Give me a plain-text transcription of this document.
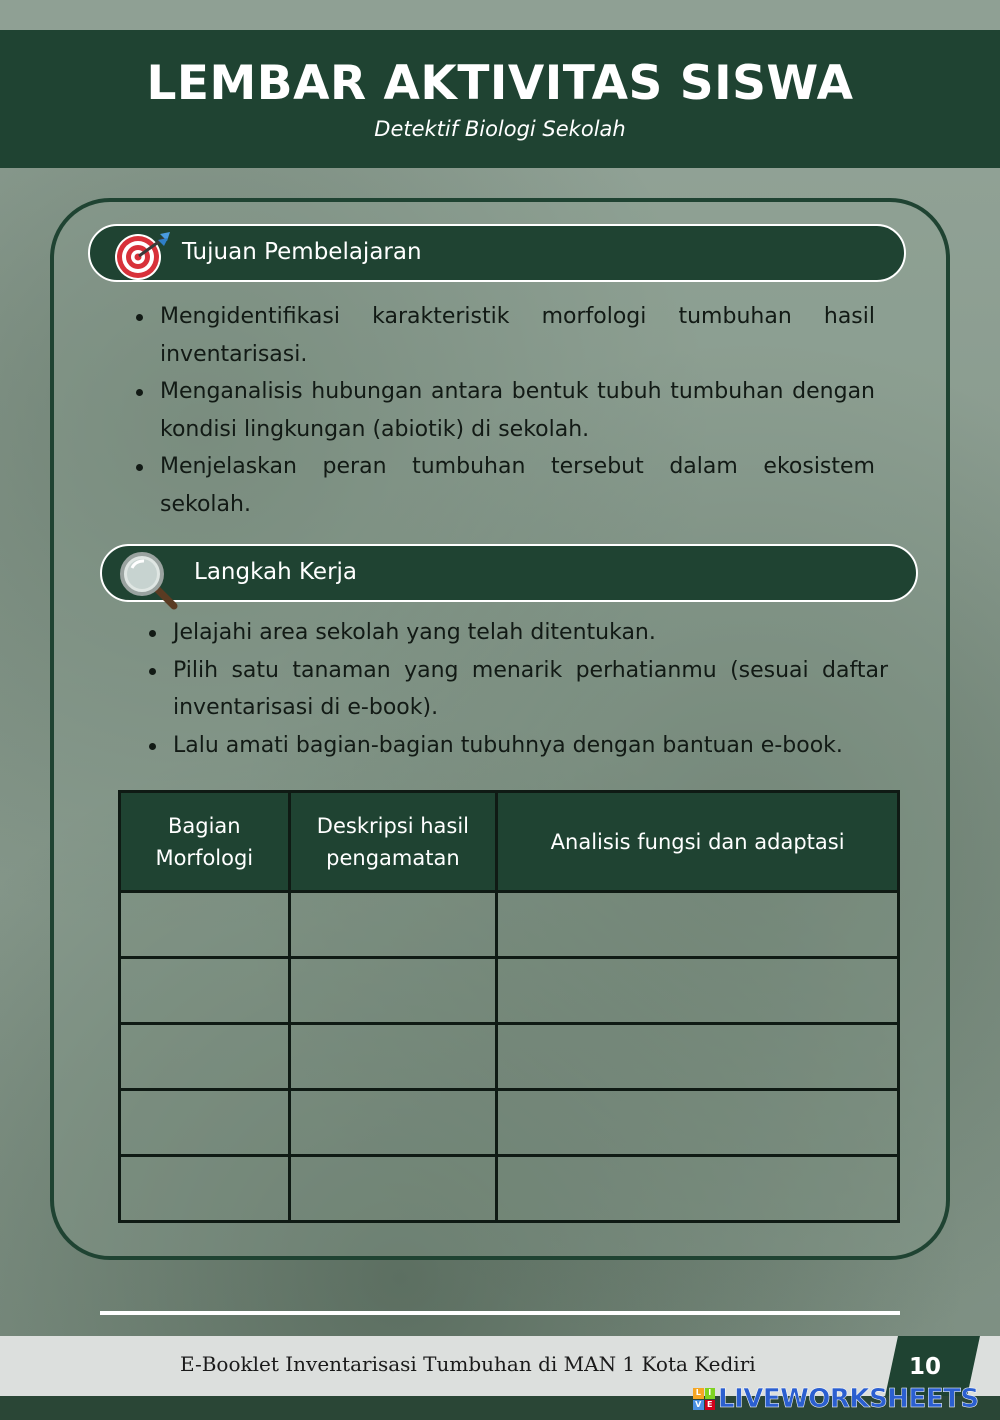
LEMBAR AKTIVITAS SISWA
Detektif Biologi Sekolah
Tujuan Pembelajaran
Mengidentifikasi karakteristik morfologi tumbuhan hasil inventarisasi.
Menganalisis hubungan antara bentuk tubuh tumbuhan dengan kondisi lingkungan (abiotik) di sekolah.
Menjelaskan peran tumbuhan tersebut dalam ekosistem sekolah.
Langkah Kerja
Jelajahi area sekolah yang telah ditentukan.
Pilih satu tanaman yang menarik perhatianmu (sesuai daftar inventarisasi di e-book).
Lalu amati bagian-bagian tubuhnya dengan bantuan e-book.
Bagian Morfologi	Deskripsi hasil pengamatan	Analisis fungsi dan adaptasi

E-Booklet Inventarisasi Tumbuhan di MAN 1 Kota Kediri	10
L I
V E LIVEWORKSHEETS
